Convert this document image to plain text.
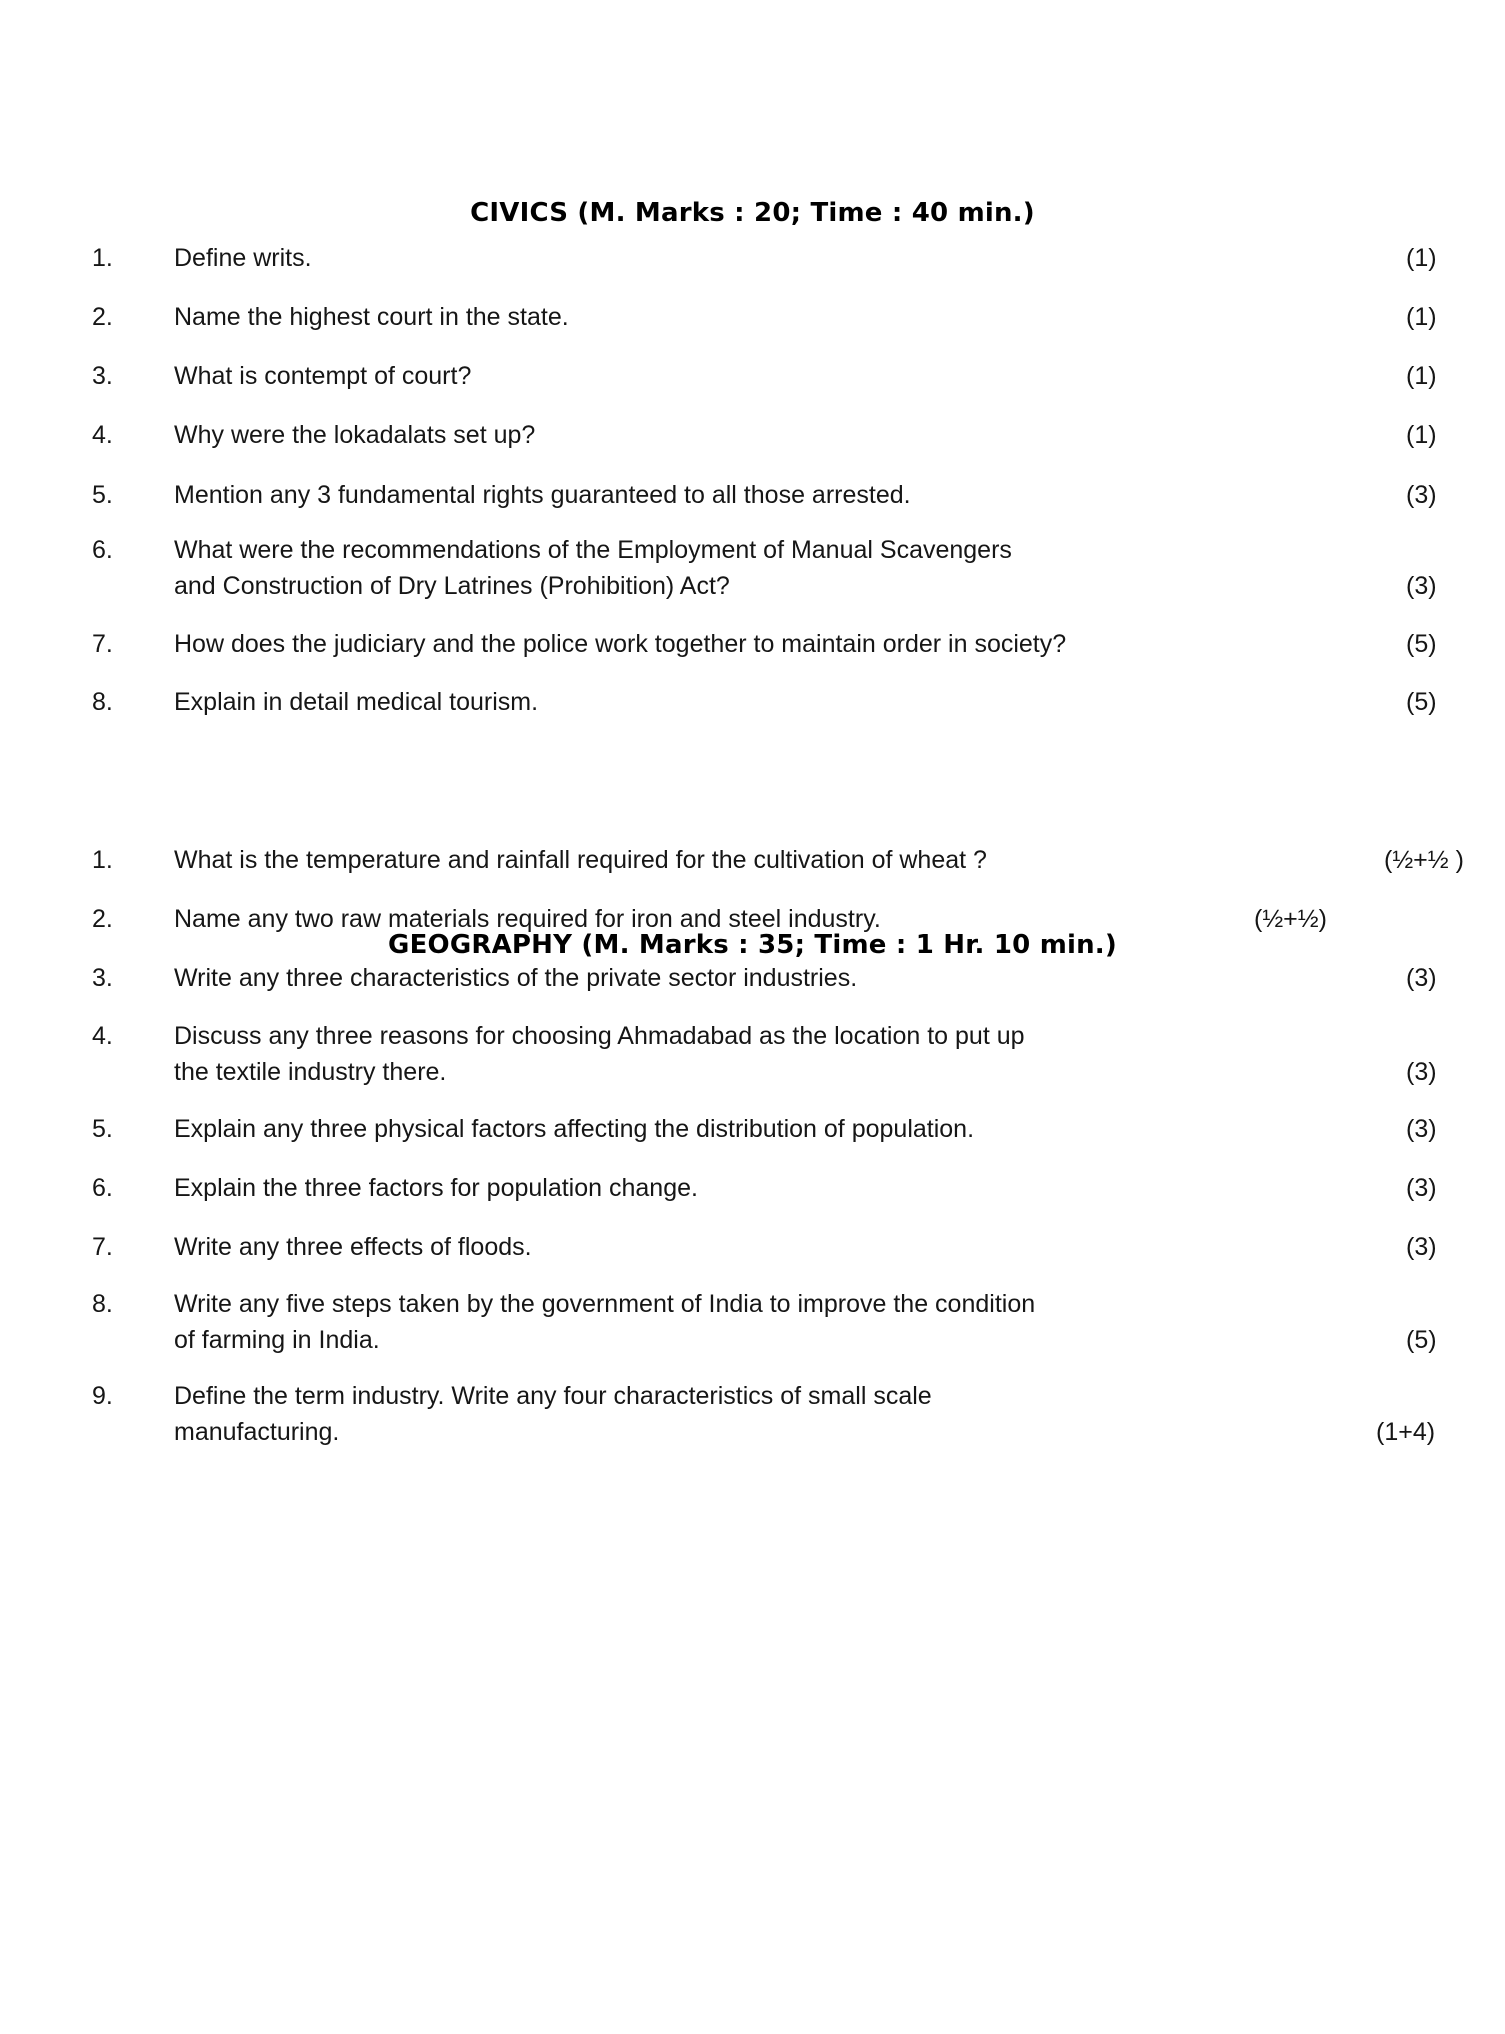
CIVICS (M. Marks : 20; Time : 40 min.)
1.	Define writs.	(1)
2.	Name the highest court in the state.	(1)
3.	What is contempt of court?	(1)
4.	Why were the lokadalats set up?	(1)
5.	Mention any 3 fundamental rights guaranteed to all those arrested.	(3)
6.	What were the recommendations of the Employment of Manual Scavengers
and Construction of Dry Latrines (Prohibition) Act?	(3)
7.	How does the judiciary and the police work together to maintain order in society?	(5)
8.	Explain in detail medical tourism.	(5)
GEOGRAPHY (M. Marks : 35; Time : 1 Hr. 10 min.)
1.	What is the temperature and rainfall required for the cultivation of wheat ?	(½+½ )
2.	Name any two raw materials required for iron and steel industry.	(½+½)
3.	Write any three characteristics of the private sector industries.	(3)
4.	Discuss any three reasons for choosing Ahmadabad as the location to put up
the textile industry there.	(3)
5.	Explain any three physical factors affecting the distribution of population.	(3)
6.	Explain the three factors for population change.	(3)
7.	Write any three effects of floods.	(3)
8.	Write any five steps taken by the government of India to improve the condition
of farming in India.	(5)
9.	Define the term industry. Write any four characteristics of small scale
manufacturing.	(1+4)
